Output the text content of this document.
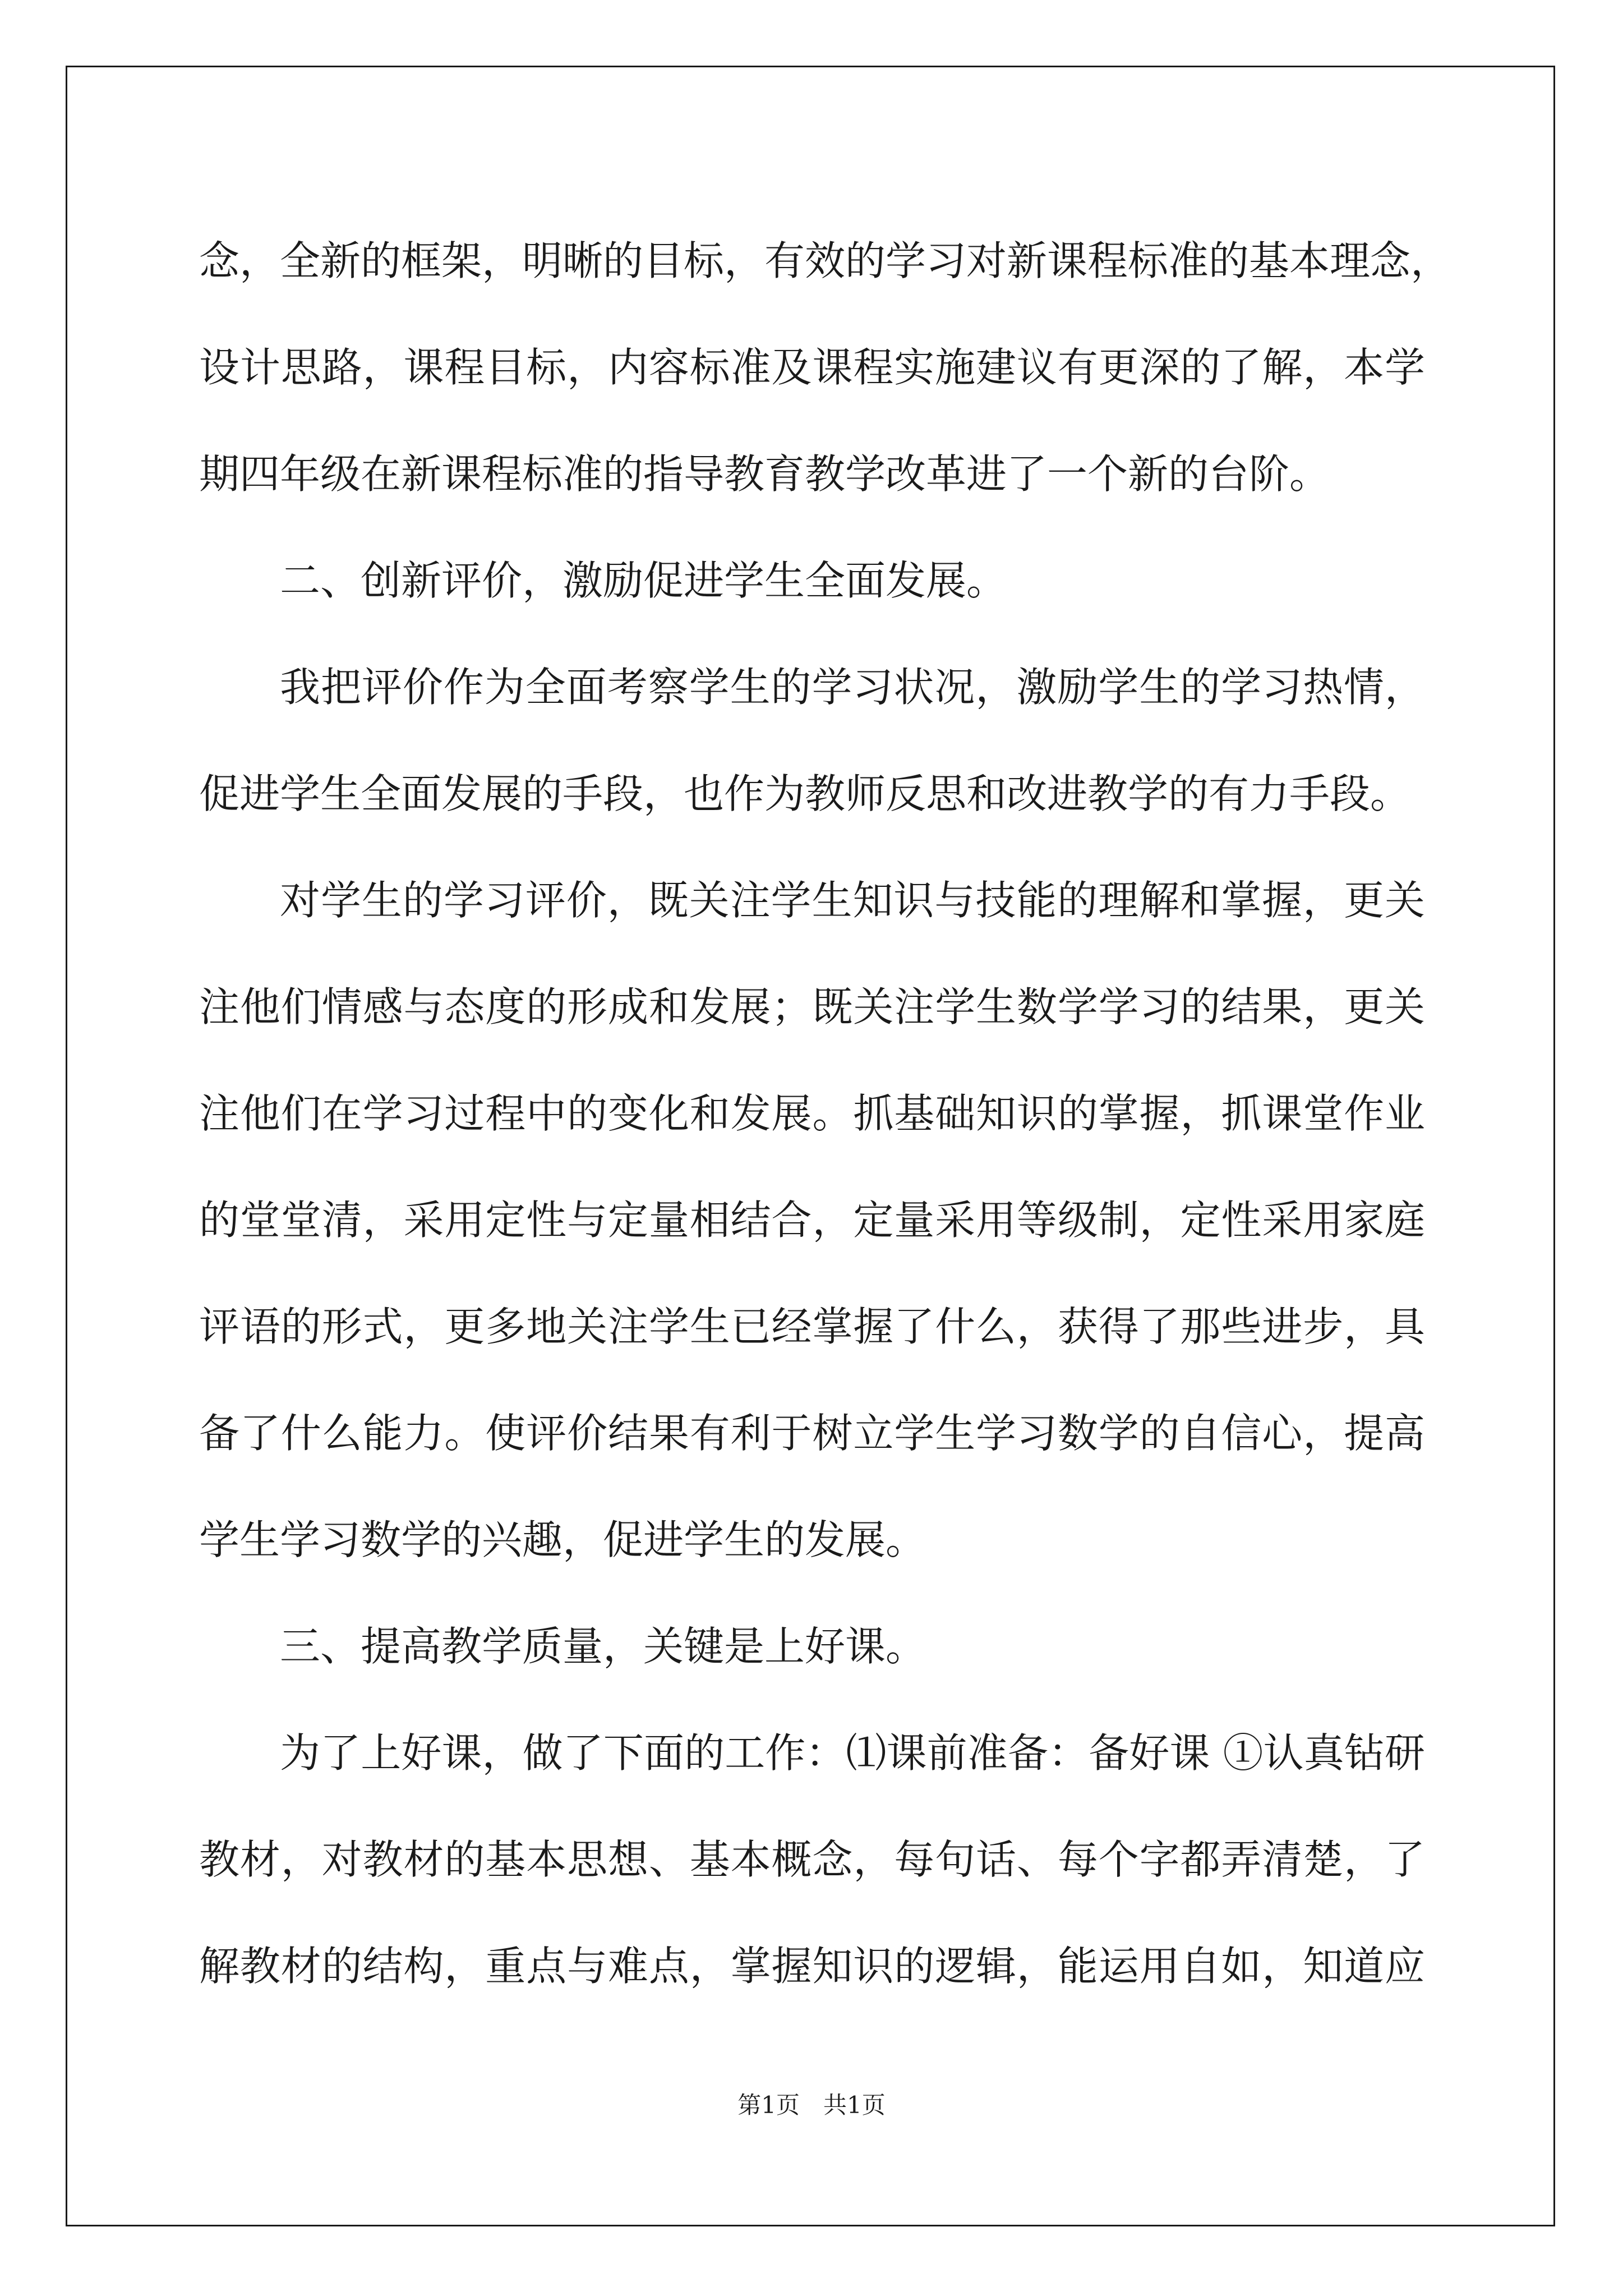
念，全新的框架，明晰的目标，有效的学习对新课程标准的基本理念，
设计思路，课程目标，内容标准及课程实施建议有更深的了解，本学
期四年级在新课程标准的指导教育教学改革进了一个新的台阶。
二、创新评价，激励促进学生全面发展。
我把评价作为全面考察学生的学习状况，激励学生的学习热情，
促进学生全面发展的手段，也作为教师反思和改进教学的有力手段。
对学生的学习评价，既关注学生知识与技能的理解和掌握，更关
注他们情感与态度的形成和发展；既关注学生数学学习的结果，更关
注他们在学习过程中的变化和发展。抓基础知识的掌握，抓课堂作业
的堂堂清，采用定性与定量相结合，定量采用等级制，定性采用家庭
评语的形式，更多地关注学生已经掌握了什么，获得了那些进步，具
备了什么能力。使评价结果有利于树立学生学习数学的自信心，提高
学生学习数学的兴趣，促进学生的发展。
三、提高教学质量，关键是上好课。
为了上好课，做了下面的工作：⑴课前准备：备好课 ①认真钻研
教材，对教材的基本思想、基本概念，每句话、每个字都弄清楚，了
解教材的结构，重点与难点，掌握知识的逻辑，能运用自如，知道应
第1页　共1页
